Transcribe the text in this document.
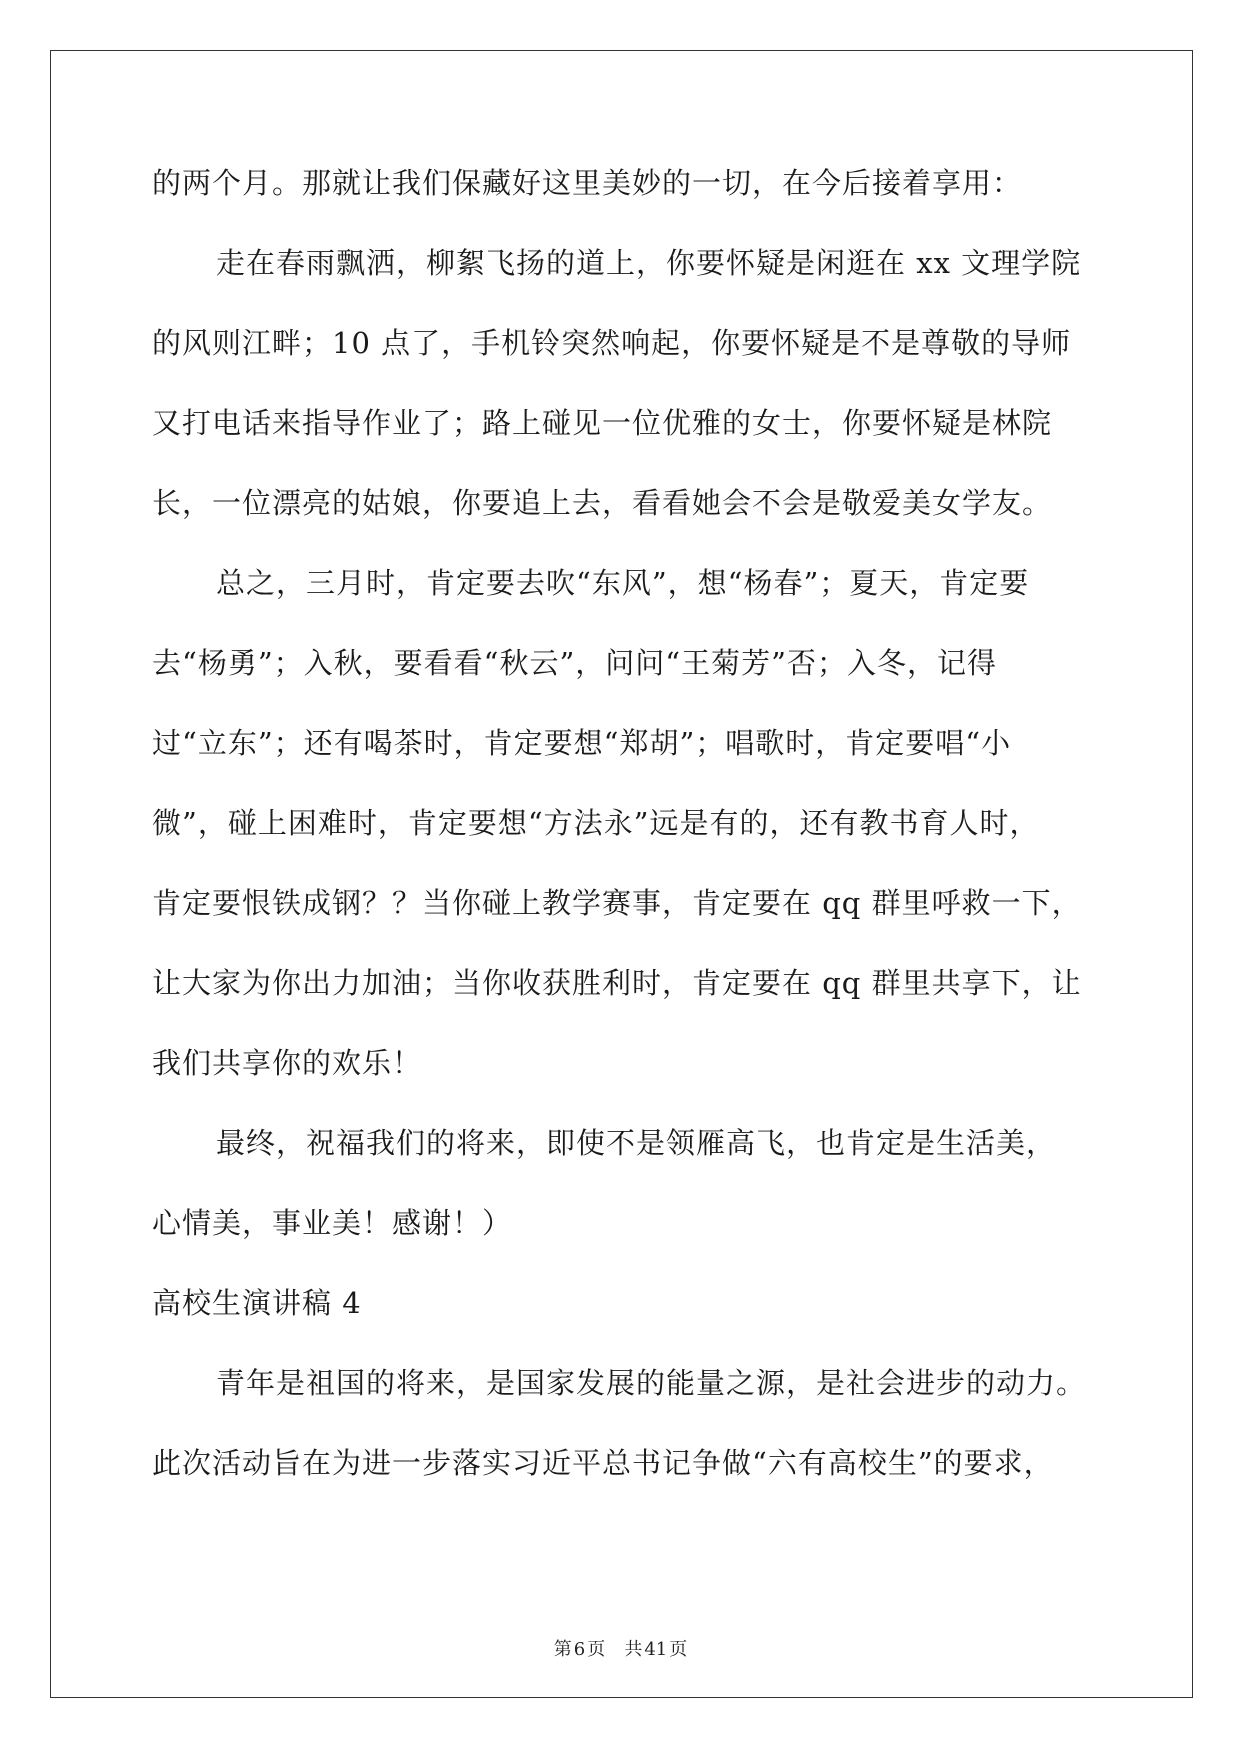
的两个月。那就让我们保藏好这里美妙的一切，在今后接着享用：
走在春雨飘洒，柳絮飞扬的道上，你要怀疑是闲逛在 xx 文理学院
的风则江畔；10 点了，手机铃突然响起，你要怀疑是不是尊敬的导师
又打电话来指导作业了；路上碰见一位优雅的女士，你要怀疑是林院
长，一位漂亮的姑娘，你要追上去，看看她会不会是敬爱美女学友。
总之，三月时，肯定要去吹“东风”，想“杨春”；夏天，肯定要
去“杨勇”；入秋，要看看“秋云”，问问“王菊芳”否；入冬，记得
过“立东”；还有喝茶时，肯定要想“郑胡”；唱歌时，肯定要唱“小
微”，碰上困难时，肯定要想“方法永”远是有的，还有教书育人时，
肯定要恨铁成钢？？当你碰上教学赛事，肯定要在 qq 群里呼救一下，
让大家为你出力加油；当你收获胜利时，肯定要在 qq 群里共享下，让
我们共享你的欢乐！
最终，祝福我们的将来，即使不是领雁高飞，也肯定是生活美，
心情美，事业美！感谢！）
高校生演讲稿 4
青年是祖国的将来，是国家发展的能量之源，是社会进步的动力。
此次活动旨在为进一步落实习近平总书记争做“六有高校生”的要求，
第 6 页 共 41 页
